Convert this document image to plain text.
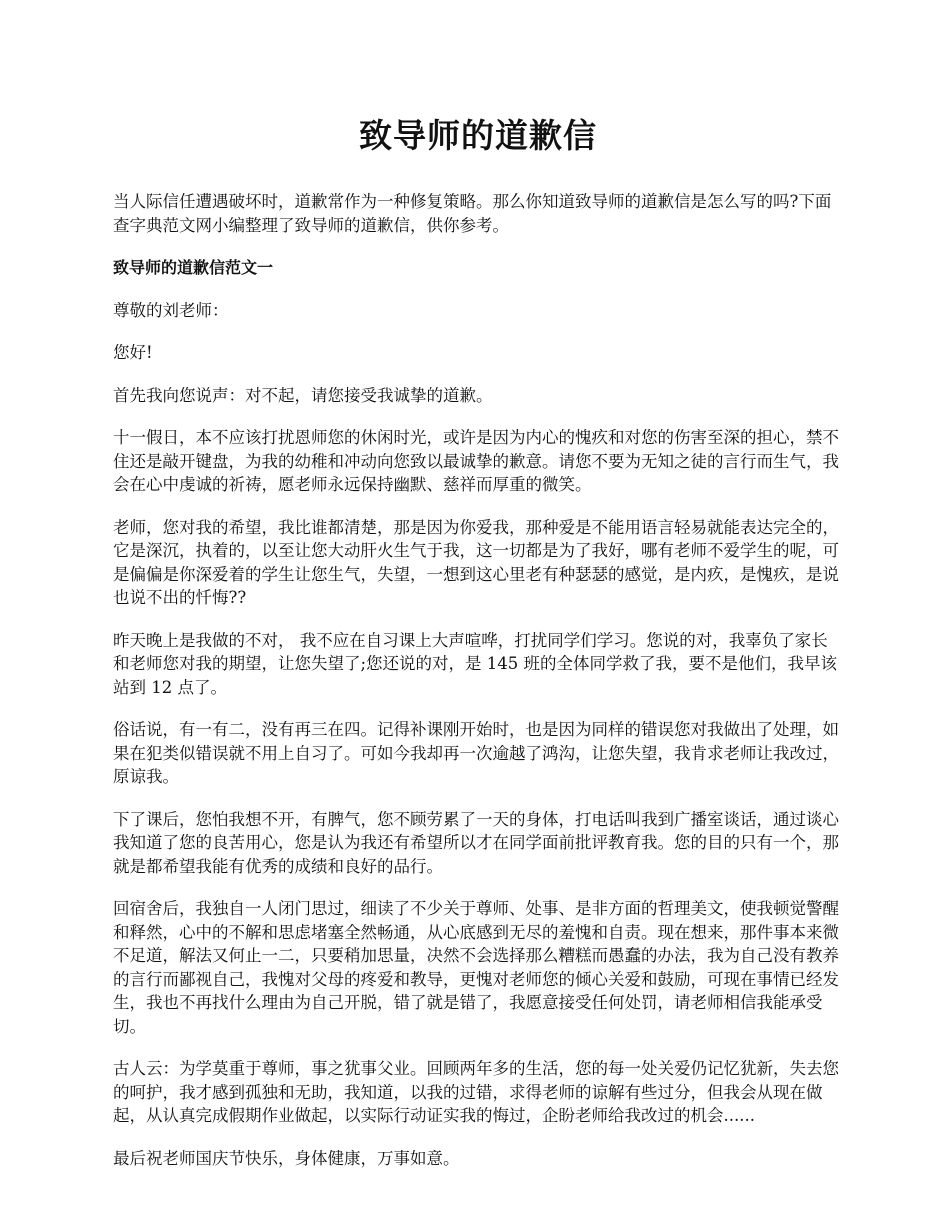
致导师的道歉信

当人际信任遭遇破坏时，道歉常作为一种修复策略。那么你知道致导师的道歉信是怎么写的吗?下面查字典范文网小编整理了致导师的道歉信，供你参考。

致导师的道歉信范文一

尊敬的刘老师：

您好!

首先我向您说声：对不起，请您接受我诚挚的道歉。

十一假日，本不应该打扰恩师您的休闲时光，或许是因为内心的愧疚和对您的伤害至深的担心，禁不住还是敲开键盘，为我的幼稚和冲动向您致以最诚挚的歉意。请您不要为无知之徒的言行而生气，我会在心中虔诚的祈祷，愿老师永远保持幽默、慈祥而厚重的微笑。

老师，您对我的希望，我比谁都清楚，那是因为你爱我，那种爱是不能用语言轻易就能表达完全的，它是深沉，执着的，以至让您大动肝火生气于我，这一切都是为了我好，哪有老师不爱学生的呢，可是偏偏是你深爱着的学生让您生气，失望，一想到这心里老有种瑟瑟的感觉，是内疚，是愧疚，是说也说不出的忏悔??

昨天晚上是我做的不对， 我不应在自习课上大声喧哗，打扰同学们学习。您说的对，我辜负了家长和老师您对我的期望，让您失望了;您还说的对，是 145 班的全体同学救了我，要不是他们，我早该站到 12 点了。

俗话说，有一有二，没有再三在四。记得补课刚开始时，也是因为同样的错误您对我做出了处理，如果在犯类似错误就不用上自习了。可如今我却再一次逾越了鸿沟，让您失望，我肯求老师让我改过，原谅我。

下了课后，您怕我想不开，有脾气，您不顾劳累了一天的身体，打电话叫我到广播室谈话，通过谈心我知道了您的良苦用心，您是认为我还有希望所以才在同学面前批评教育我。您的目的只有一个，那就是都希望我能有优秀的成绩和良好的品行。

回宿舍后，我独自一人闭门思过，细读了不少关于尊师、处事、是非方面的哲理美文，使我顿觉警醒和释然，心中的不解和思虑堵塞全然畅通，从心底感到无尽的羞愧和自责。现在想来，那件事本来微不足道，解法又何止一二，只要稍加思量，决然不会选择那么糟糕而愚蠢的办法，我为自己没有教养的言行而鄙视自己，我愧对父母的疼爱和教导，更愧对老师您的倾心关爱和鼓励，可现在事情已经发生，我也不再找什么理由为自己开脱，错了就是错了，我愿意接受任何处罚，请老师相信我能承受切。

古人云：为学莫重于尊师，事之犹事父业。回顾两年多的生活，您的每一处关爱仍记忆犹新，失去您的呵护，我才感到孤独和无助，我知道，以我的过错，求得老师的谅解有些过分，但我会从现在做起，从认真完成假期作业做起，以实际行动证实我的悔过，企盼老师给我改过的机会......

最后祝老师国庆节快乐，身体健康，万事如意。
